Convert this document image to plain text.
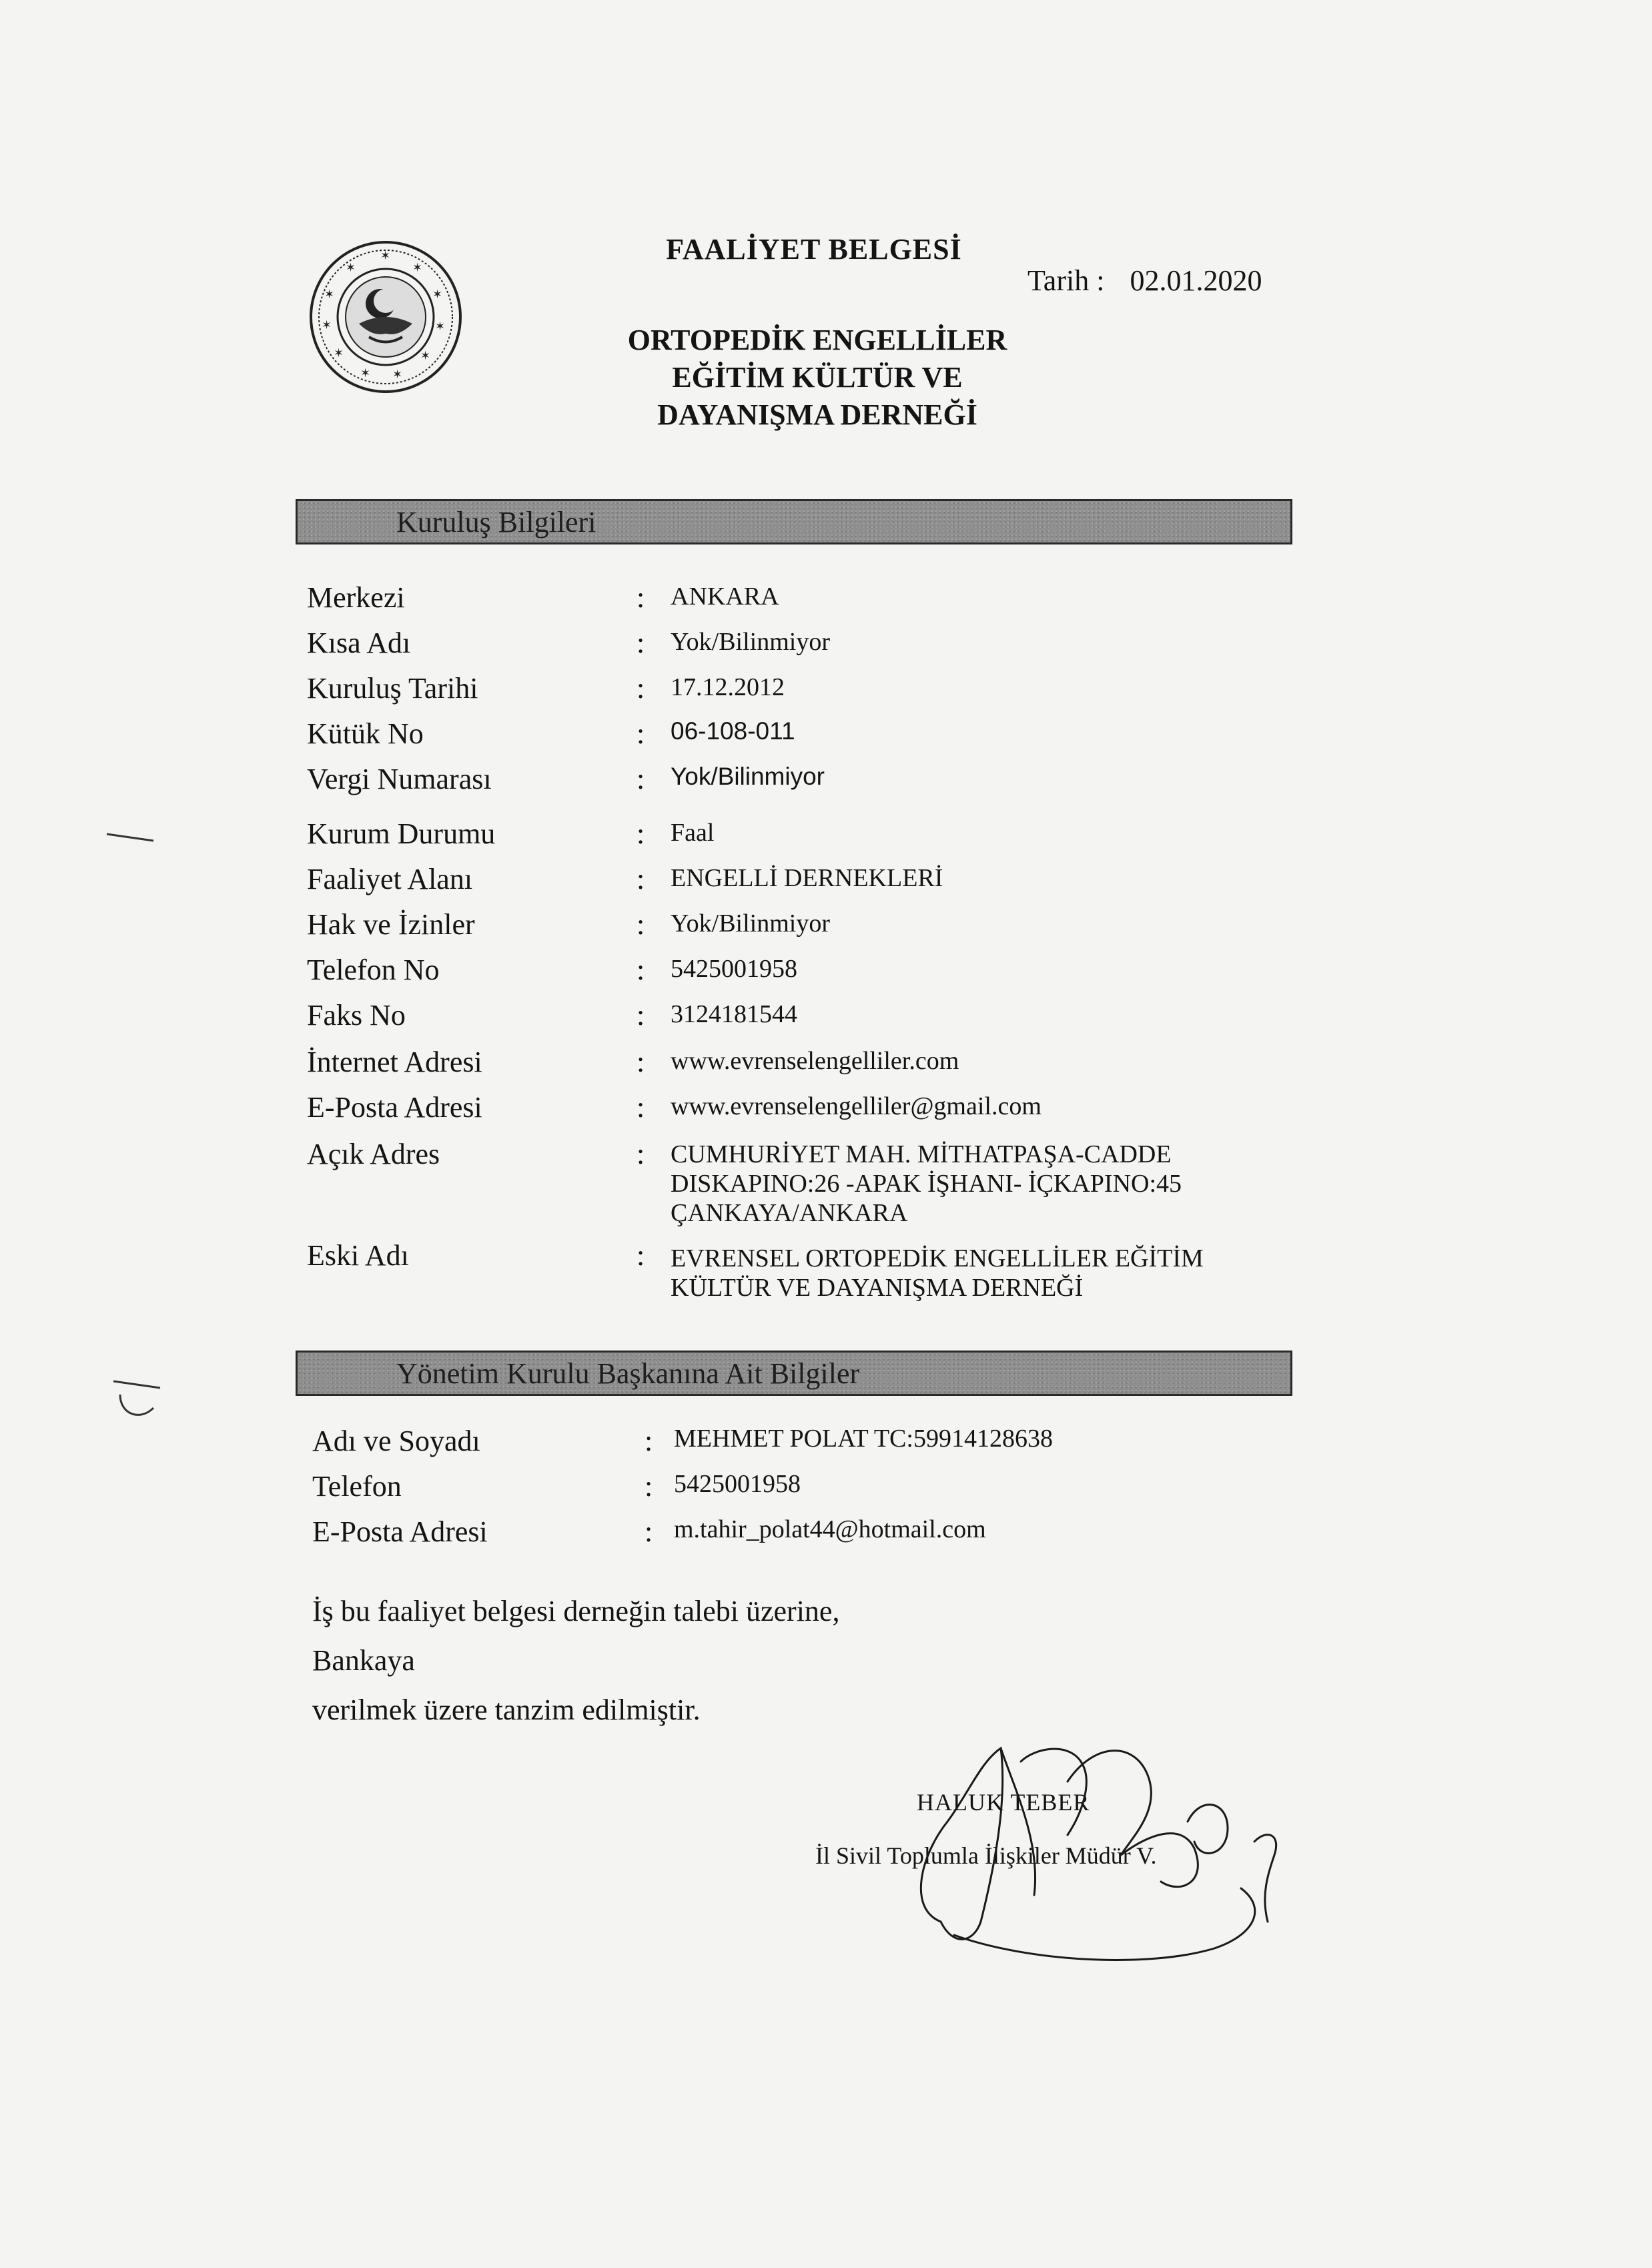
✶
✶
✶
✶
✶
✶
✶
✶
✶
✶
✶
FAALİYET BELGESİ
ORTOPEDİK ENGELLİLER
EĞİTİM KÜLTÜR VE
DAYANIŞMA DERNEĞİ
Tarih : 02.01.2020
Kuruluş Bilgileri
Merkezi	: ANKARA
Kısa Adı	: Yok/Bilinmiyor
Kuruluş Tarihi	: 17.12.2012
Kütük No	: 06-108-011
Vergi Numarası	: Yok/Bilinmiyor
Kurum Durumu	: Faal
Faaliyet Alanı	: ENGELLİ DERNEKLERİ
Hak ve İzinler	: Yok/Bilinmiyor
Telefon No	: 5425001958
Faks No	: 3124181544
İnternet Adresi	: www.evrenselengelliler.com
E-Posta Adresi	: www.evrenselengelliler@gmail.com
Açık Adres	: CUMHURİYET MAH. MİTHATPAŞA-CADDE
DISKAPINO:26 -APAK İŞHANI- İÇKAPINO:45
ÇANKAYA/ANKARA
Eski Adı	: EVRENSEL ORTOPEDİK ENGELLİLER EĞİTİM
KÜLTÜR VE DAYANIŞMA DERNEĞİ
Yönetim Kurulu Başkanına Ait Bilgiler
Adı ve Soyadı	: MEHMET POLAT TC:59914128638
Telefon	: 5425001958
E-Posta Adresi	: m.tahir_polat44@hotmail.com
İş bu faaliyet belgesi derneğin talebi üzerine,
Bankaya
verilmek üzere tanzim edilmiştir.
HALUK TEBER
İl Sivil Toplumla İlişkiler Müdür V.
